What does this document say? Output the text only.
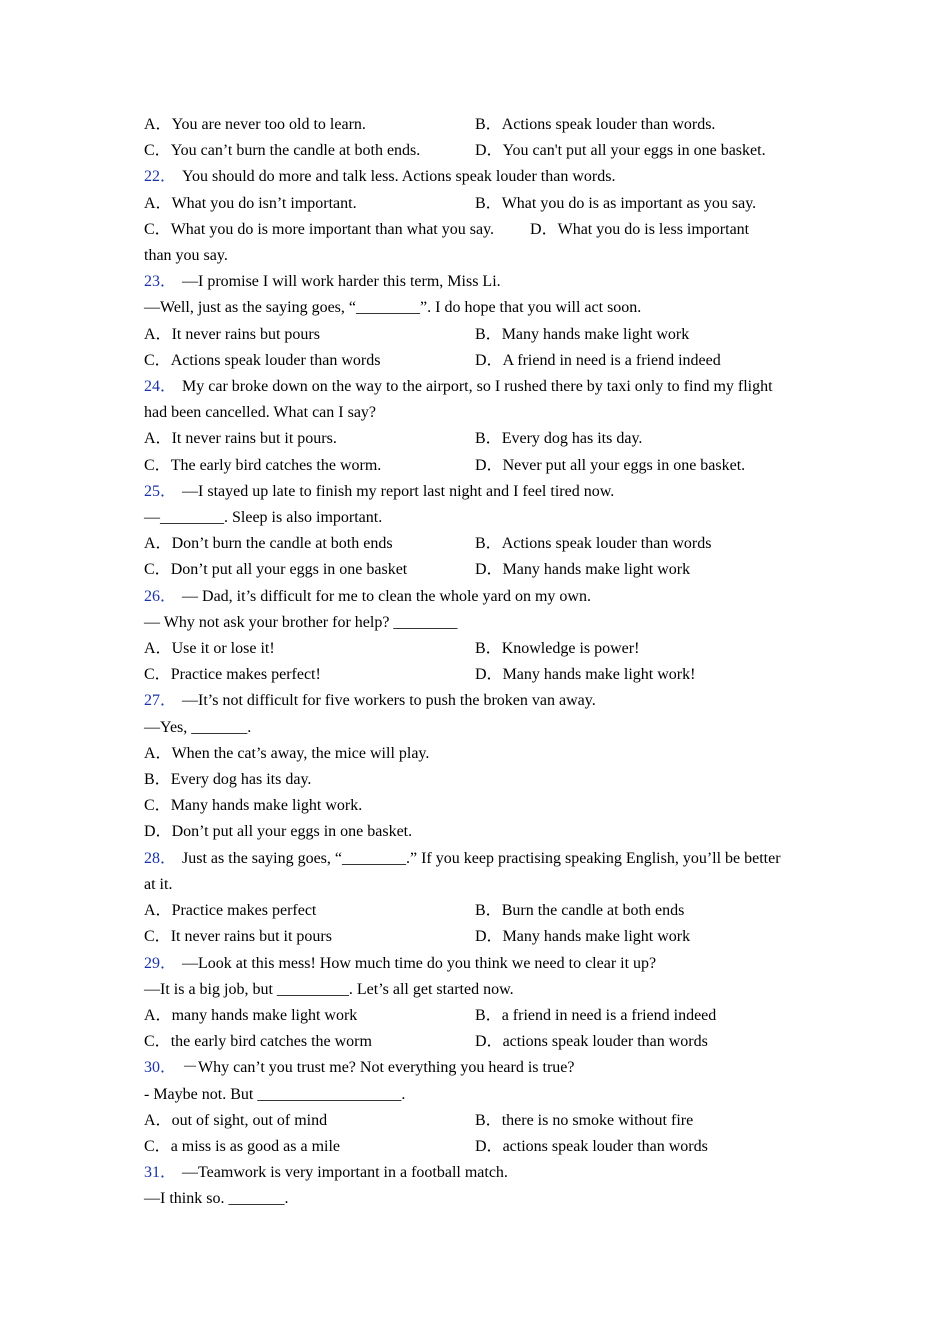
A．You are never too old to learn.	B．Actions speak louder than words.
C．You can’t burn the candle at both ends.	D．You can't put all your eggs in one basket.
22． You should do more and talk less. Actions speak louder than words.
A．What you do isn’t important.	B．What you do is as important as you say.
C．What you do is more important than what you say. D．What you do is less important
than you say.
23． —I promise I will work harder this term, Miss Li.
—Well, just as the saying goes, “________”. I do hope that you will act soon.
A．It never rains but pours	B．Many hands make light work
C．Actions speak louder than words	D．A friend in need is a friend indeed
24． My car broke down on the way to the airport, so I rushed there by taxi only to find my flight
had been cancelled. What can I say?
A．It never rains but it pours.	B．Every dog has its day.
C．The early bird catches the worm.	D．Never put all your eggs in one basket.
25． —I stayed up late to finish my report last night and I feel tired now.
—________. Sleep is also important.
A．Don’t burn the candle at both ends	B．Actions speak louder than words
C．Don’t put all your eggs in one basket	D．Many hands make light work
26． — Dad, it’s difficult for me to clean the whole yard on my own.
— Why not ask your brother for help? ________
A．Use it or lose it!	B．Knowledge is power!
C．Practice makes perfect!	D．Many hands make light work!
27． —It’s not difficult for five workers to push the broken van away.
—Yes, _______.
A．When the cat’s away, the mice will play.
B．Every dog has its day.
C．Many hands make light work.
D．Don’t put all your eggs in one basket.
28． Just as the saying goes, “________.” If you keep practising speaking English, you’ll be better
at it.
A．Practice makes perfect	B．Burn the candle at both ends
C．It never rains but it pours	D．Many hands make light work
29． —Look at this mess! How much time do you think we need to clear it up?
—It is a big job, but _________. Let’s all get started now.
A．many hands make light work	B．a friend in need is a friend indeed
C．the early bird catches the worm	D．actions speak louder than words
30． －Why can’t you trust me? Not everything you heard is true?
- Maybe not. But __________________.
A．out of sight, out of mind	B．there is no smoke without fire
C．a miss is as good as a mile	D．actions speak louder than words
31． —Teamwork is very important in a football match.
—I think so. _______.
